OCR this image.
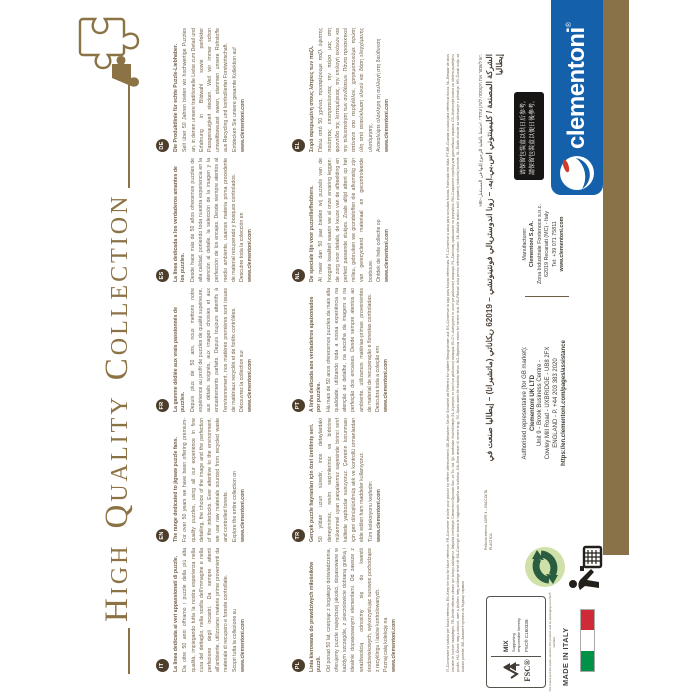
HIGH QUALITY COLLECTION
IT	La linea dedicata ai veri appassionati di puzzle. Da oltre 50 anni offriamo i puzzle della più alta qualità, impiegando tutta la nostra esperienza nella cura del dettaglio, nella scelta dell'immagine e nella perfezione degli incastri. Da sempre attenti all'ambiente, utilizziamo materie prime provenienti da materiale di recupero e foreste controllate. Scopri tutta la collezione su www.clementoni.com
EN	The range dedicated to jigsaw puzzle fans. For over 50 years we have been offering premium-quality puzzles, using all our experience in fine detailing, the choice of the image and the perfection of the interlocks. Ever attentive to the environment, we use raw materials sourced from recycled waste and controlled forests. Explore the entire collection on www.clementoni.com
FR	La gamme dédiée aux vrais passionnés de puzzles. Depuis plus de 50 ans, nous mettons notre expérience au profit de puzzles de qualité supérieure, aux détails soignés, aux images choisies et aux encastrements parfaits. Depuis toujours attentifs à l'environnement, nos matières premières sont issues de matériaux recyclés et de forêts contrôlées. Découvrez la collection sur www.clementoni.com
ES	La línea dedicada a los verdaderos amantes de los puzzles. Desde hace más de 50 años ofrecemos puzzles de alta calidad, poniendo toda nuestra experiencia en la atención al detalle, la selección de la imagen y la perfección de los encajes. Desde siempre atentos al medio ambiente, usamos materia prima procedente de material recuperado y bosques controlados. Descubre toda la colección en www.clementoni.com
DE	Die Produktlinie für echte Puzzle-Liebhaber. Seit über 50 Jahren bieten wir hochwertige Puzzles an, in denen unsere traditionelle Liebe zum Detail und Erfahrung in Bildwahl sowie perfekter Passgenauigkeit stecken. Weil wir immer schon umweltbewusst waren, stammen unsere Rohstoffe aus Recycling und kontrollierter Forstwirtschaft. Entdecken Sie unsere gesamte Kollektion auf www.clementoni.com
PL	Linia kierowana do prawdziwych miłośników puzzli. Od ponad 50 lat, czerpiąc z bogatego doświadczenia, oferujemy puzzle najwyższej jakości, dopasowane w każdym szczególe, z pieczołowicie dobraną grafiką i idealnie dopasowanymi elementami. Od zawsze z wrażliwością odnosimy się do kwestii środowiskowych, wykorzystując surowce pochodzące z recyklingu i lasów kontrolowanych. Poznaj całą kolekcję na www.clementoni.com
TR	Gerçek puzzle hayranları için özel üretilmiş seri. 50 yıldan uzun süredir, ince detaylardaki deneyimimiz, resim seçimlerimiz ve birbirine mükemmel uyan parçalarımız sayesinde birinci sınıf kalitede yapbozlar sunuyoruz. Çevrenin korunması için geri dönüştürülmüş atık ve kontrollü ormanlardan elde edilen ham maddeler kullanıyoruz. Tüm koleksiyonu keşfedin: www.clementoni.com
PT	A linha dedicada aos verdadeiros apaixonados por puzzles. Há mais de 50 anos oferecemos puzzles da mais alta qualidade, utilizando toda a nossa experiência na atenção ao detalhe, na escolha da imagem e na perfeição dos encaixes. Desde sempre atentos ao ambiente, utilizamos matérias-primas provenientes de material de recuperação e florestas controladas. Descubra toda a coleção em www.clementoni.com
NL	De speciale lijn voor puzzelliefhebbers. Al meer dan 50 jaar bieden wij puzzels van de hoogste kwaliteit waarin we al onze ervaring leggen: de zorg voor details, de keuze van de afbeelding en perfect passende stukjes. Zoals altijd attent op het milieu, gebruiken we grondstoffen die afkomstig zijn van gerecycleerd materiaal en gecontroleerde bosbouw. Ontdek de hele collectie op www.clementoni.com
EL	Σειρά αφιερωμένη στους λάτρεις των παζλ. Πάνω από 50 χρόνια, προσφέρουμε παζλ ύψιστης ποιότητας επιστρατεύοντας την πείρα μας στη φροντίδα της λεπτομέρειας, την επιλογή εικόνων και την τελειοποίηση των συνδέσεων. Πάντα προσεκτικοί απέναντι στο περιβάλλον, χρησιμοποιούμε πρώτη ύλη από ανακύκλωση υλικού και δάση ελεγχόμενης υλοτόμησης. Ανακαλύψτε ολόκληρη τη συλλογή στη διεύθυνση www.clementoni.com	IT–Conservare la scatola per futura referenza. EN–Keep the box for future reference. FR–Conserver la boîte pour pouvoir s'y référer ultérieurement. DE–Bewahren Sie die Schachtel als Referenz für spätere Bezugnahmen auf. ES–Conservar la caja para futuras referencias. PT–Conservar a caixa para consultas futuras. Fabricado em Itália. PT-BR–Guardar a caixa para referência futura. NL–Bewaar de doos om later te kunnen raadplegen. TR–İleride referans olması için kutuyu saklayınız. İtalya'da üretilmiştir. Clementoni Oyuncak San. ve Tic. Ltd. Şti. tarafından ithal edilmiştir. EL–Κρατήστε το κουτί για μελλοντική αναφορά. EL-CY–Διατηρήστε το κουτί για μελλοντική αναφορά. PL–Zachowaj opakowanie na przyszłość. RU–Сохраните коробку для дальнейших справок. CS–Uschovejte krabici za účelem pozdějšího použití. HU–Őrizze meg a dobozt, mert a jövőben még szüksége lehet rá! GA–Coinnigh an bosca le haghaidh tagartha sa todhchaí. DA–Gem æsken til senere brug. SV–Spara asken för framtida behov. NO–Oppbevar esken for senere bruk. RO–Păstrați cutia pentru referințe viitoare. SK–Odložte krabicu kvôli prípadnej neskoršej kontrole. SL–Škatlo shranite za sklicevanje v prihodnje. HR–Čuvati kutiju za buduće potrebe. BG–Запазете кутията за бъдещи справки.
HE–יש לשמור את הקופסה לעיון עתידי. احتفظ بالعلبة للرجوع إليها في المستقبل.
الشركة المصنعة / كليمينتوني اس.بي.ايه. – زونا اندوستريالي فونتينوتشي – 62019 ريكاناتي (ماتشيراتا) – إيطاليا صنعت في إيطاليا
Pellicola esterna: LDPE 4 – RACCOLTA PLASTICA.
请保留包装盒以供日后参考。 請保留包裝盒以便日後參考。
Authorised representative (for GB market): Clementoni UK LTD Unit 9 - Brook Business Centre - Cowley Mill Road - UXBRIDGE - UB8 2FX ENGLAND - P. +44 203 383 2020 https://en.clementoni.com/pages/assistance
Manufacturer: Clementoni S.p.A. Zona Industriale Fontenoce s.n.c. 62019 Recanati (MC) - Italy Tel: +39 071 75811 www.clementoni.com
clementoni
®
FSC®
MIX Supporting responsible forestry FSC® C160338	The board and the paper used for this product and its packaging are FSC® certified. MADE IN ITALY
